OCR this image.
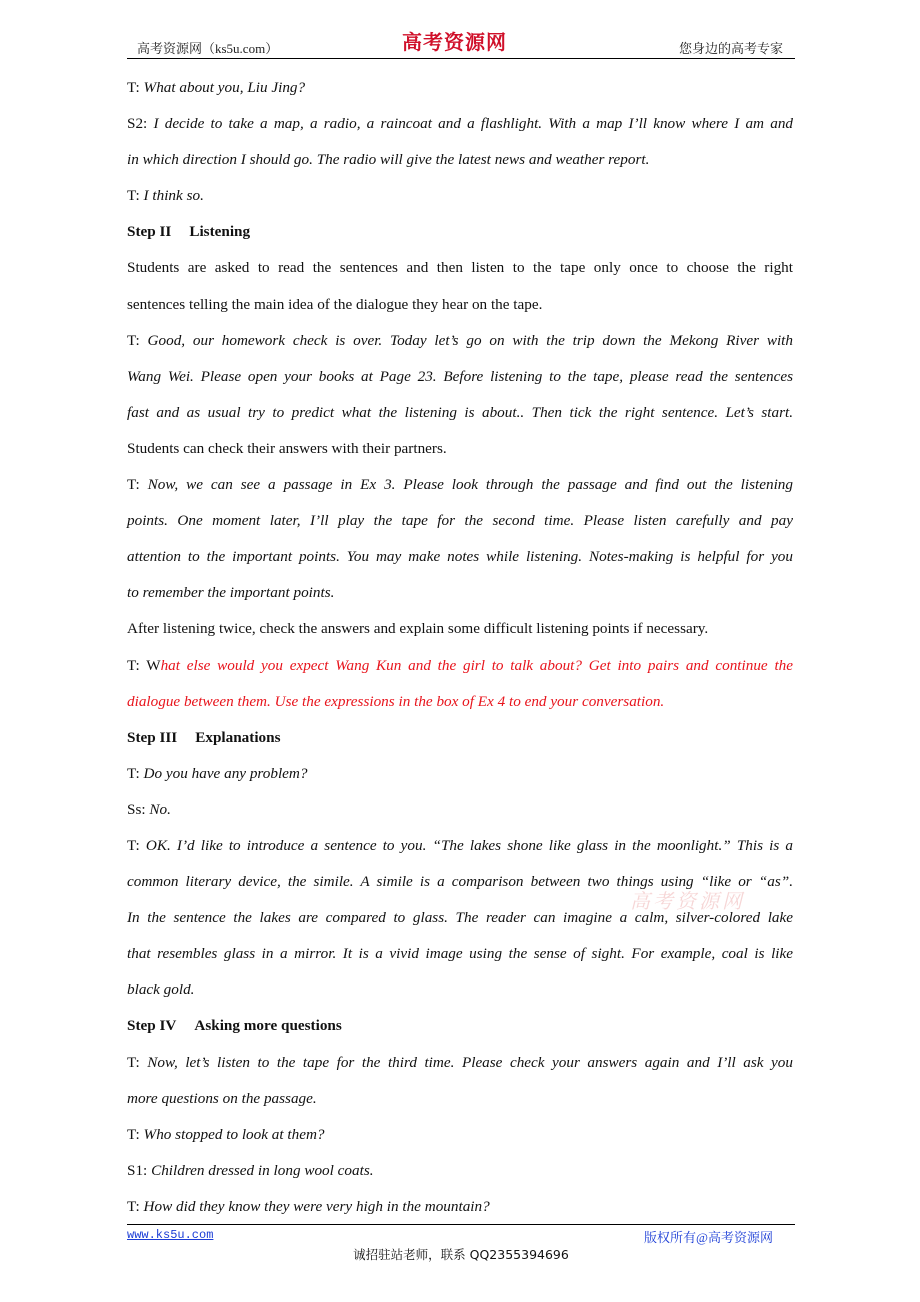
高考资源网（ks5u.com）	高考资源网	您身边的高考专家
T: What about you, Liu Jing?
S2: I decide to take a map, a radio, a raincoat and a flashlight. With a map I’ll know where I am and
in which direction I should go. The radio will give the latest news and weather report.
T: I think so.
Step II Listening
Students are asked to read the sentences and then listen to the tape only once to choose the right
sentences telling the main idea of the dialogue they hear on the tape.
T: Good, our homework check is over. Today let’s go on with the trip down the Mekong River with
Wang Wei. Please open your books at Page 23. Before listening to the tape, please read the sentences
fast and as usual try to predict what the listening is about.. Then tick the right sentence. Let’s start.
Students can check their answers with their partners.
T: Now, we can see a passage in Ex 3. Please look through the passage and find out the listening
points. One moment later, I’ll play the tape for the second time. Please listen carefully and pay
attention to the important points. You may make notes while listening. Notes-making is helpful for you
to remember the important points.
After listening twice, check the answers and explain some difficult listening points if necessary.
T: What else would you expect Wang Kun and the girl to talk about? Get into pairs and continue the
dialogue between them. Use the expressions in the box of Ex 4 to end your conversation.
Step III Explanations
T: Do you have any problem?
Ss: No.
T: OK. I’d like to introduce a sentence to you. “The lakes shone like glass in the moonlight.” This is a
common literary device, the simile. A simile is a comparison between two things using “like or “as”.
In the sentence the lakes are compared to glass. The reader can imagine a calm, silver-colored lake
that resembles glass in a mirror. It is a vivid image using the sense of sight. For example, coal is like
black gold.
Step IV Asking more questions
T: Now, let’s listen to the tape for the third time. Please check your answers again and I’ll ask you
more questions on the passage.
T: Who stopped to look at them?
S1: Children dressed in long wool coats.
T: How did they know they were very high in the mountain?
高考资源网
www.ks5u.com	版权所有@高考资源网
诚招驻站老师，联系 QQ2355394696
